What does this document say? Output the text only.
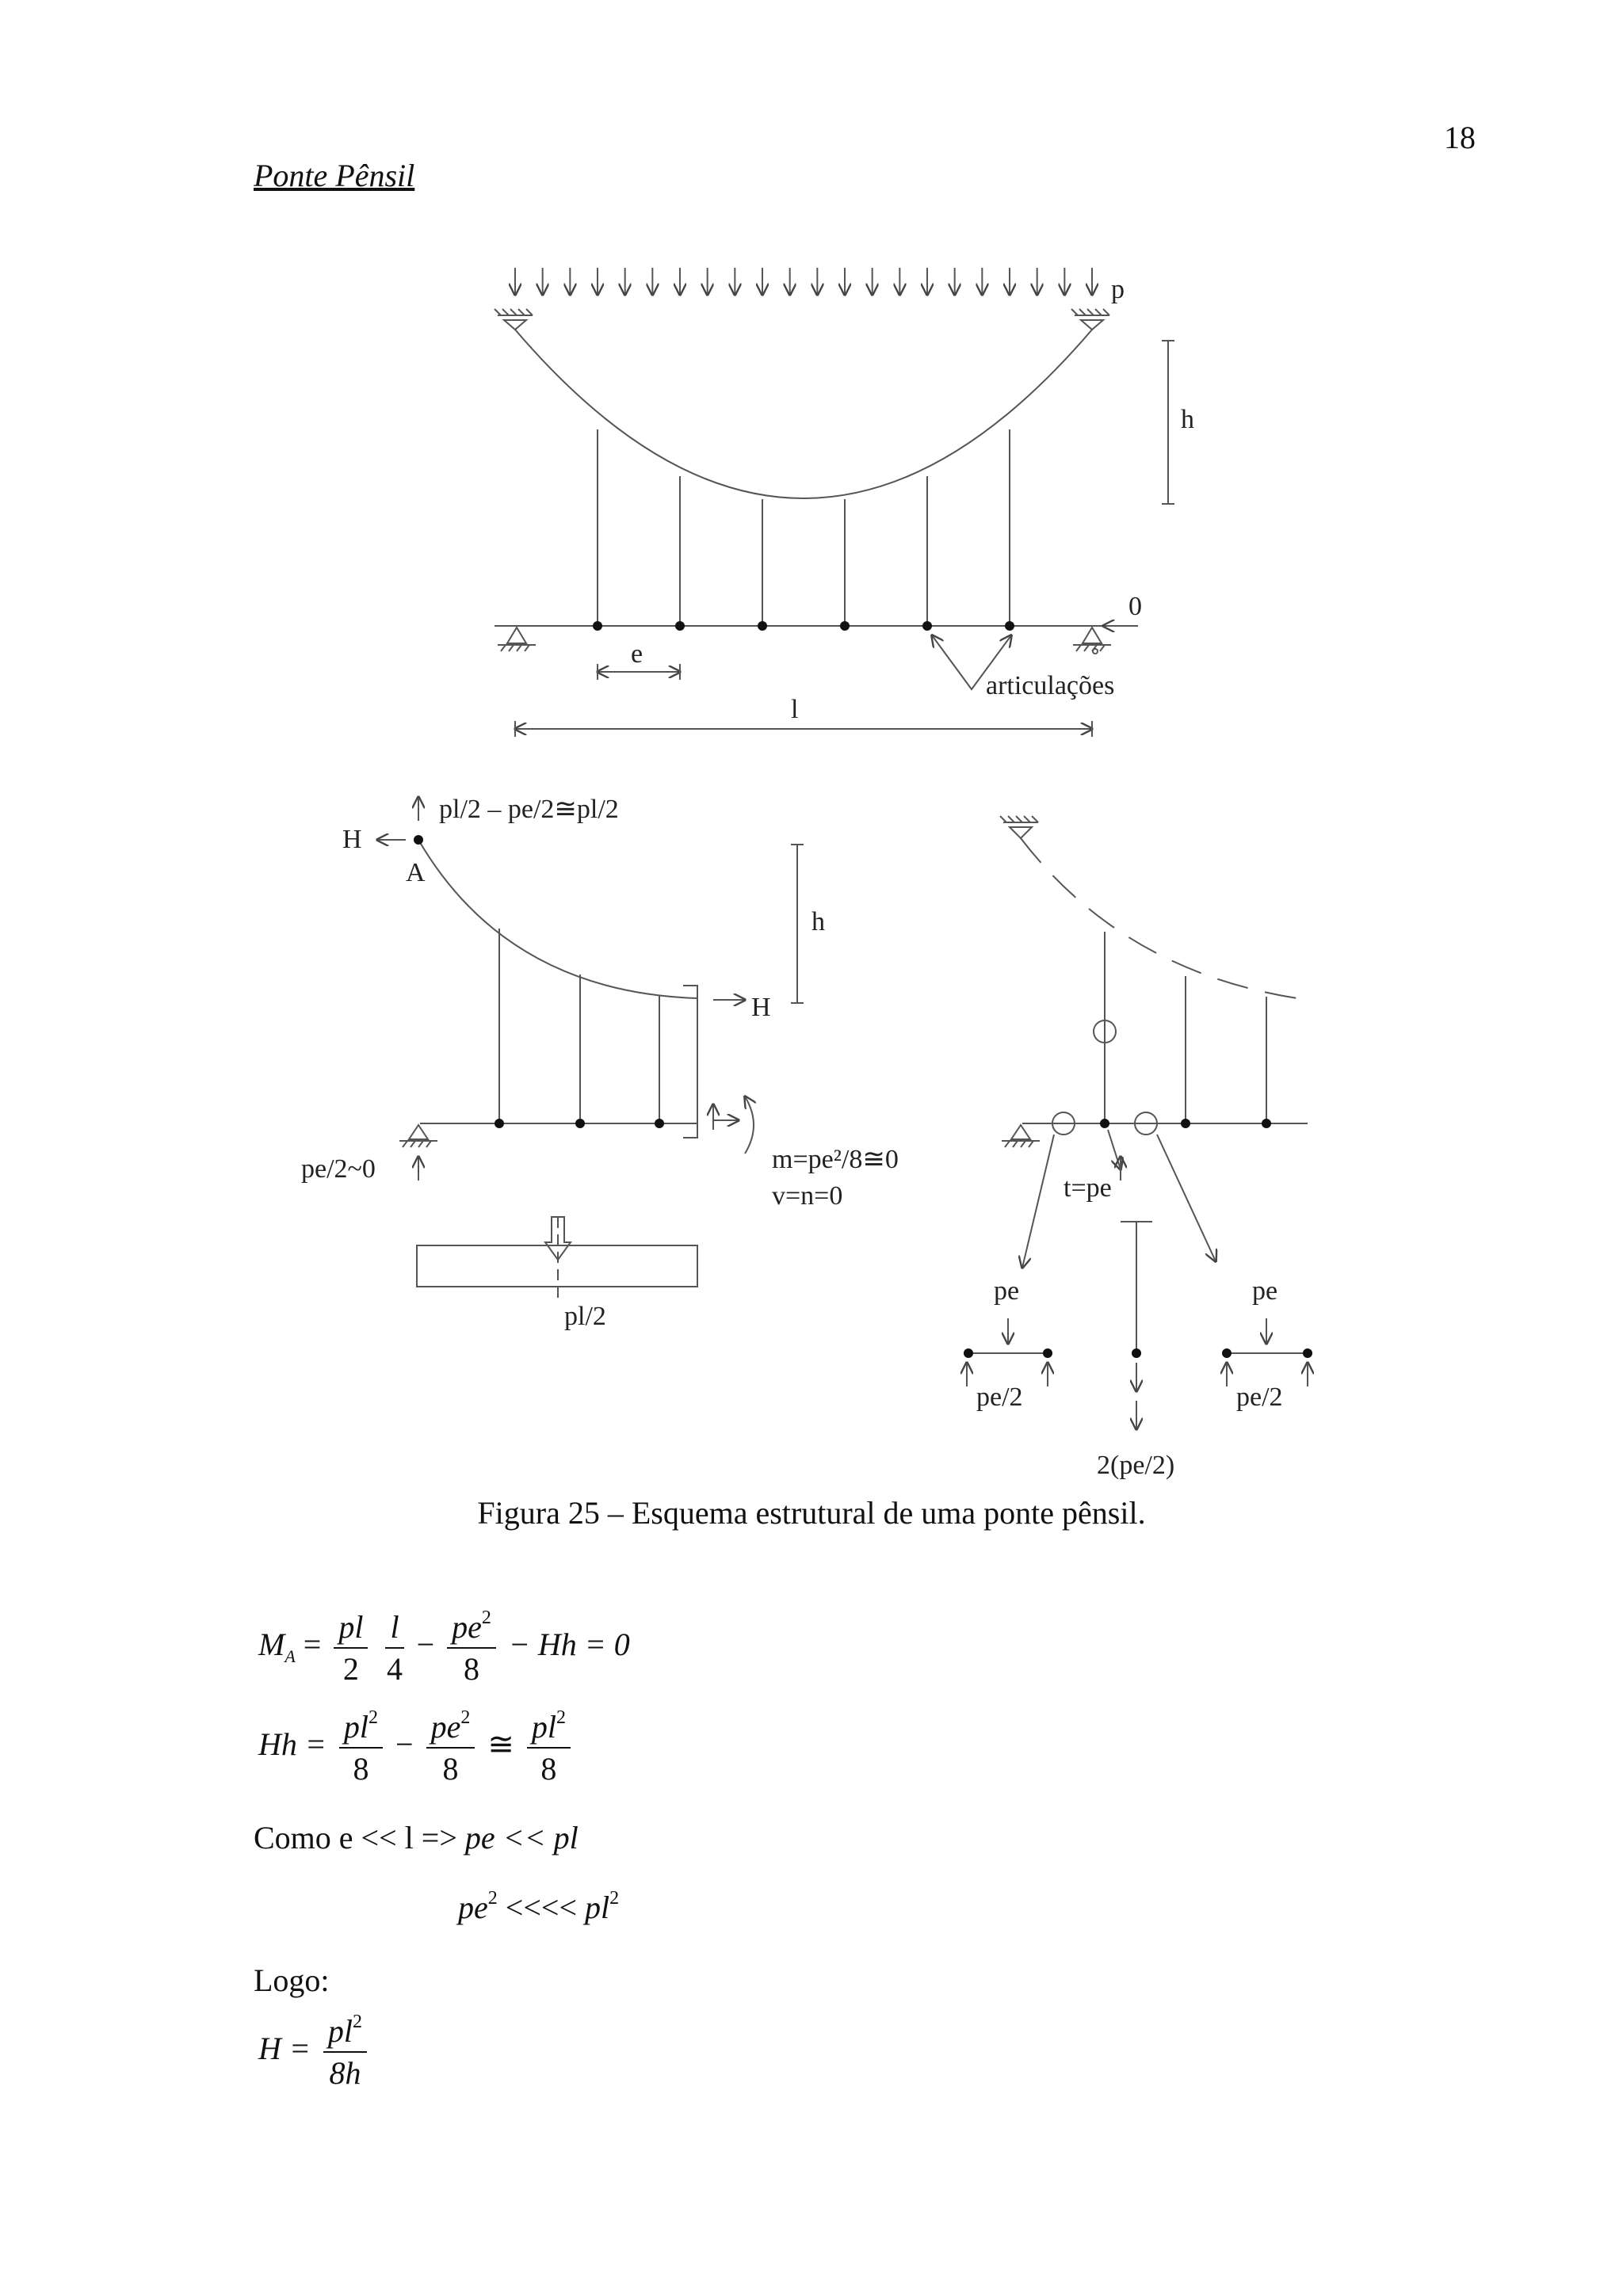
18
Ponte Pênsil
p
h
0
e
articulações
l
pl/2 – pe/2≅pl/2
H
A
h
H
m=pe²/8≅0
v=n=0
pe/2~0
pl/2
t=pe
pe	pe
pe/2	pe/2
2(pe/2)
Figura 25 – Esquema estrutural de uma ponte pênsil.
$M_A = \frac{pl}{2}$
$\frac{l}{4} - \frac{pe^2}{8} - Hh = 0$
$Hh = \frac{pl^2}{8} - \frac{pe^2}{8}$ ≅ $\frac{pl^2}{8}$
Como e << l => pe << pl
$pe^2$ <<<< $pl^2$
Logo:
$H = \frac{pl^2}{8h}$
